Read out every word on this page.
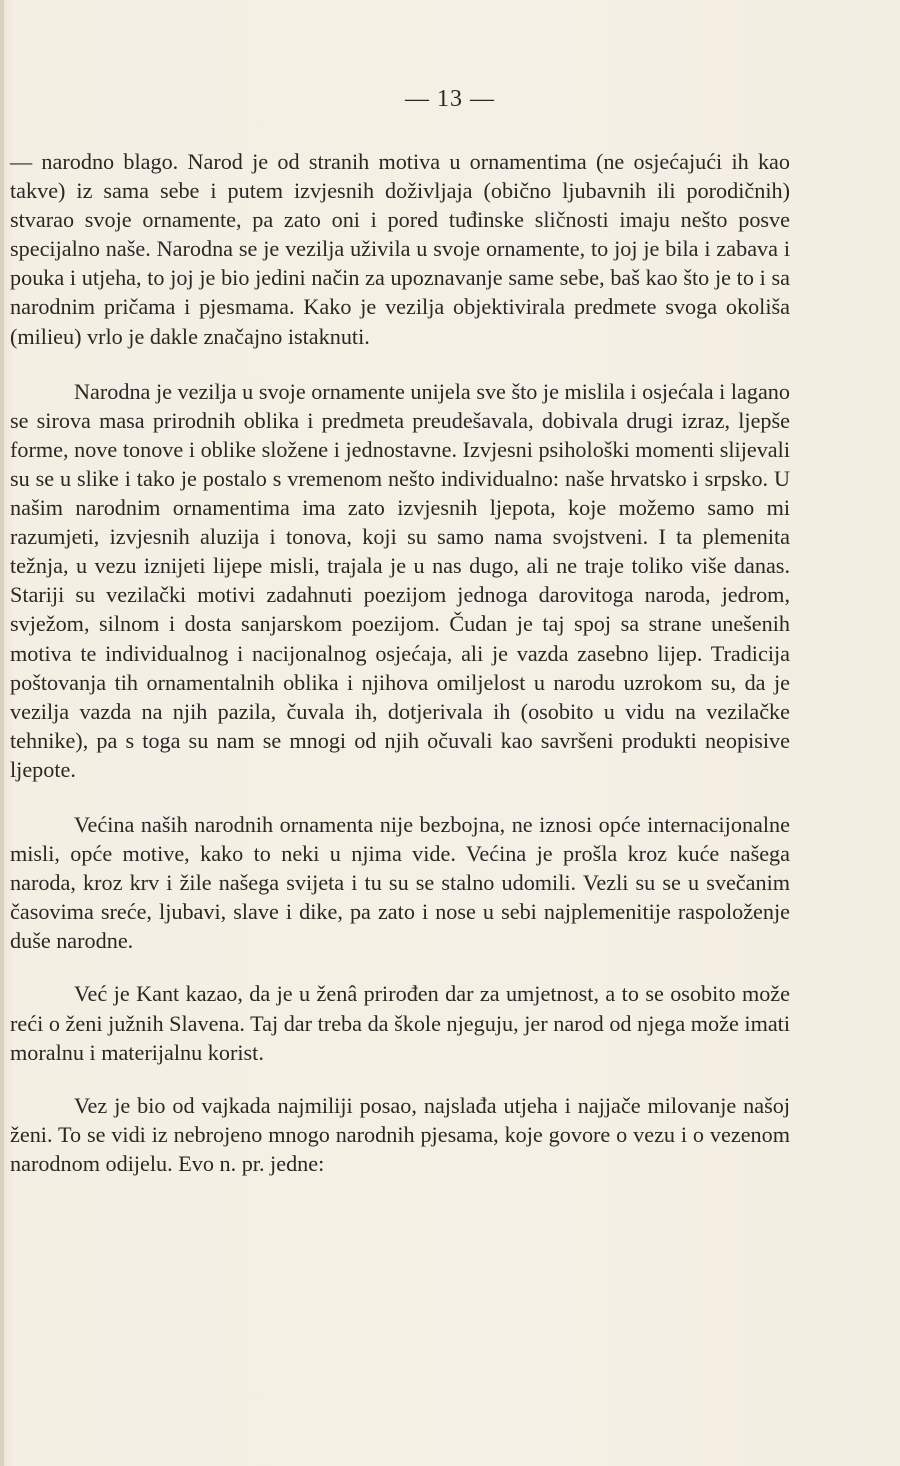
— 13 —

— narodno blago. Narod je od stranih motiva u ornamentima (ne osjećajući ih kao takve) iz sama sebe i putem izvjesnih doživljaja (obično ljubavnih ili porodičnih) stvarao svoje ornamente, pa zato oni i pored tuđinske sličnosti imaju nešto posve specijalno naše. Narodna se je vezilja uživila u svoje ornamente, to joj je bila i zabava i pouka i utjeha, to joj je bio jedini način za upoznavanje same sebe, baš kao što je to i sa narodnim pričama i pjesmama. Kako je vezilja objektivirala predmete svoga okoliša (milieu) vrlo je dakle značajno istaknuti.

Narodna je vezilja u svoje ornamente unijela sve što je mislila i osjećala i lagano se sirova masa prirodnih oblika i predmeta preudešavala, dobivala drugi izraz, ljepše forme, nove tonove i oblike složene i jednostavne. Izvjesni psihološki momenti slijevali su se u slike i tako je postalo s vremenom nešto individualno: naše hrvatsko i srpsko. U našim narodnim ornamentima ima zato izvjesnih ljepota, koje možemo samo mi razumjeti, izvjesnih aluzija i tonova, koji su samo nama svojstveni. I ta plemenita težnja, u vezu iznijeti lijepe misli, trajala je u nas dugo, ali ne traje toliko više danas. Stariji su vezilački motivi zadahnuti poezijom jednoga darovitoga naroda, jedrom, svježom, silnom i dosta sanjarskom poezijom. Čudan je taj spoj sa strane unešenih motiva te individualnog i nacijonalnog osjećaja, ali je vazda zasebno lijep. Tradicija poštovanja tih ornamentalnih oblika i njihova omiljelost u narodu uzrokom su, da je vezilja vazda na njih pazila, čuvala ih, dotjerivala ih (osobito u vidu na vezilačke tehnike), pa s toga su nam se mnogi od njih očuvali kao savršeni produkti neopisive ljepote.

Većina naših narodnih ornamenta nije bezbojna, ne iznosi opće internacijonalne misli, opće motive, kako to neki u njima vide. Većina je prošla kroz kuće našega naroda, kroz krv i žile našega svijeta i tu su se stalno udomili. Vezli su se u svečanim časovima sreće, ljubavi, slave i dike, pa zato i nose u sebi najplemenitije raspoloženje duše narodne.

Već je Kant kazao, da je u ženâ prirođen dar za umjetnost, a to se osobito može reći o ženi južnih Slavena. Taj dar treba da škole njeguju, jer narod od njega može imati moralnu i materijalnu korist.

Vez je bio od vajkada najmiliji posao, najslađa utjeha i najjače milovanje našoj ženi. To se vidi iz nebrojeno mnogo narodnih pjesama, koje govore o vezu i o vezenom narodnom odijelu. Evo n. pr. jedne:
